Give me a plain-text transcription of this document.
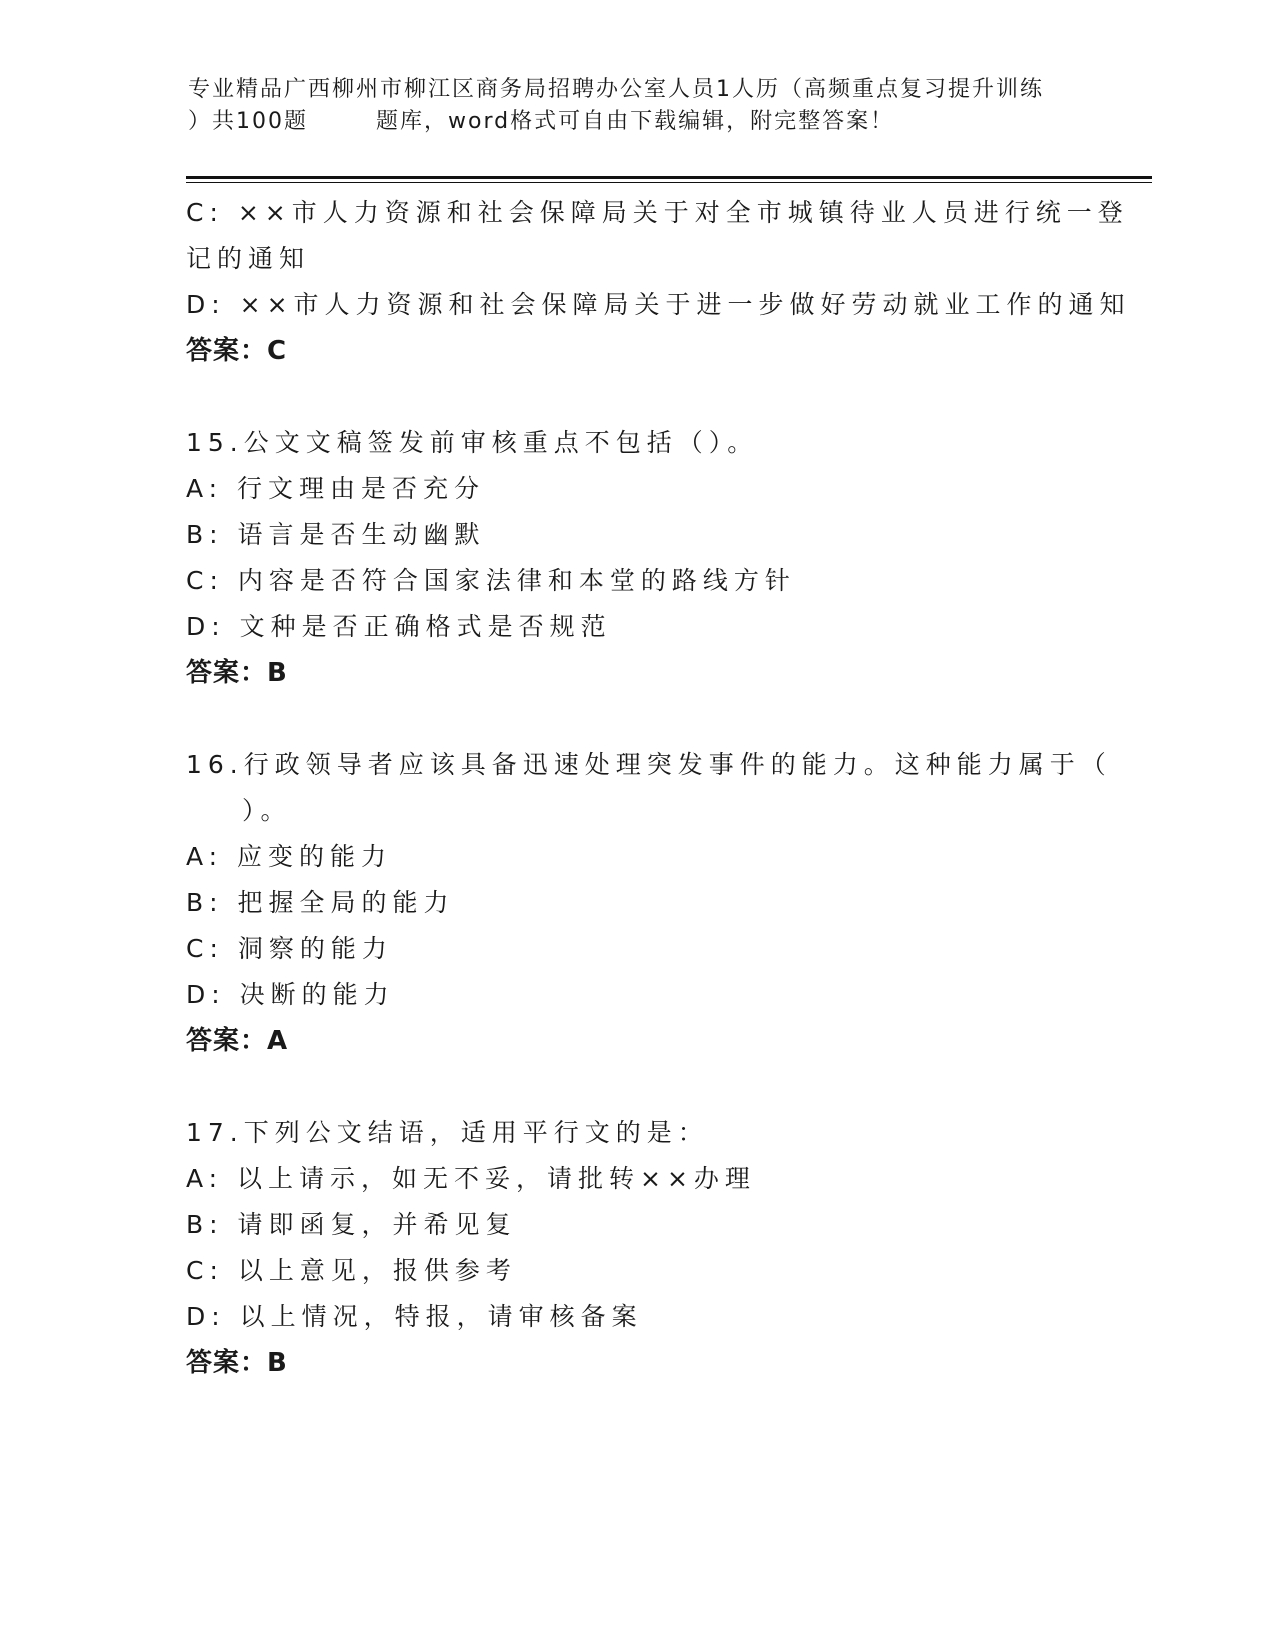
专业精品广西柳州市柳江区商务局招聘办公室人员1人历（高频重点复习提升训练
）共100题	题库，word格式可自由下载编辑，附完整答案！
C: ××市人力资源和社会保障局关于对全市城镇待业人员进行统一登
记的通知
D: ××市人力资源和社会保障局关于进一步做好劳动就业工作的通知
答案：C
15.公文文稿签发前审核重点不包括（）。
A: 行文理由是否充分
B: 语言是否生动幽默
C: 内容是否符合国家法律和本堂的路线方针
D: 文种是否正确格式是否规范
答案：B
16.行政领导者应该具备迅速处理突发事件的能力。这种能力属于（
）。
A: 应变的能力
B: 把握全局的能力
C: 洞察的能力
D: 决断的能力
答案：A
17.下列公文结语，适用平行文的是：
A: 以上请示，如无不妥，请批转××办理
B: 请即函复，并希见复
C: 以上意见，报供参考
D: 以上情况，特报，请审核备案
答案：B
